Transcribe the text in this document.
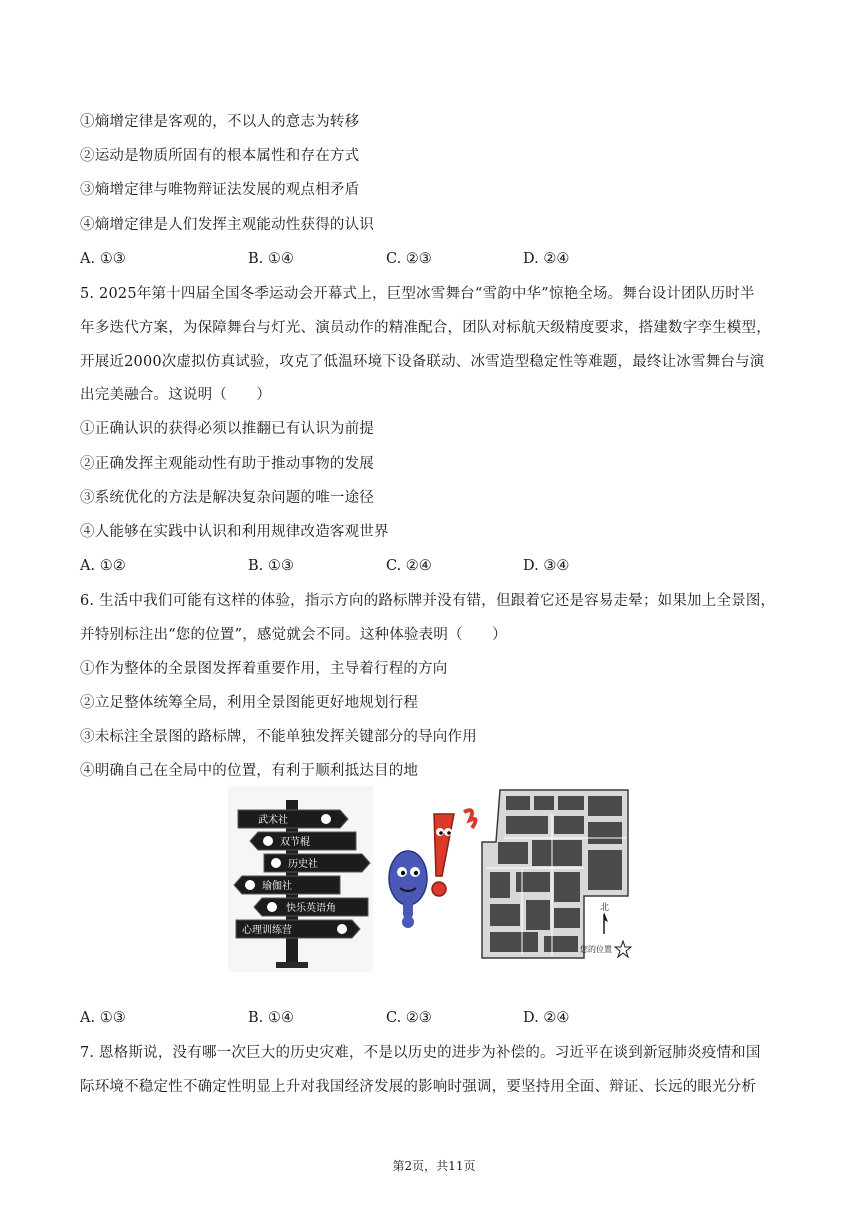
①熵增定律是客观的，不以人的意志为转移
②运动是物质所固有的根本属性和存在方式
③熵增定律与唯物辩证法发展的观点相矛盾
④熵增定律是人们发挥主观能动性获得的认识
A. ①③	B. ①④	C. ②③	D. ②④
5. 2025年第十四届全国冬季运动会开幕式上，巨型冰雪舞台“雪韵中华”惊艳全场。舞台设计团队历时半
年多迭代方案，为保障舞台与灯光、演员动作的精准配合，团队对标航天级精度要求，搭建数字孪生模型，
开展近2000次虚拟仿真试验，攻克了低温环境下设备联动、冰雪造型稳定性等难题，最终让冰雪舞台与演
出完美融合。这说明（　　）
①正确认识的获得必须以推翻已有认识为前提
②正确发挥主观能动性有助于推动事物的发展
③系统优化的方法是解决复杂问题的唯一途径
④人能够在实践中认识和利用规律改造客观世界
A. ①②	B. ①③	C. ②④	D. ③④
6. 生活中我们可能有这样的体验，指示方向的路标牌并没有错，但跟着它还是容易走晕；如果加上全景图，
并特别标注出“您的位置”，感觉就会不同。这种体验表明（　　）
①作为整体的全景图发挥着重要作用，主导着行程的方向
②立足整体统筹全局，利用全景图能更好地规划行程
③未标注全景图的路标牌，不能单独发挥关键部分的导向作用
④明确自己在全局中的位置，有利于顺利抵达目的地
武术社
双节棍
历史社
瑜伽社
快乐英语角
心理训练营
北
您的位置
A. ①③	B. ①④	C. ②③	D. ②④
7. 恩格斯说，没有哪一次巨大的历史灾难，不是以历史的进步为补偿的。习近平在谈到新冠肺炎疫情和国
际环境不稳定性不确定性明显上升对我国经济发展的影响时强调，要坚持用全面、辩证、长远的眼光分析
第2页，共11页
